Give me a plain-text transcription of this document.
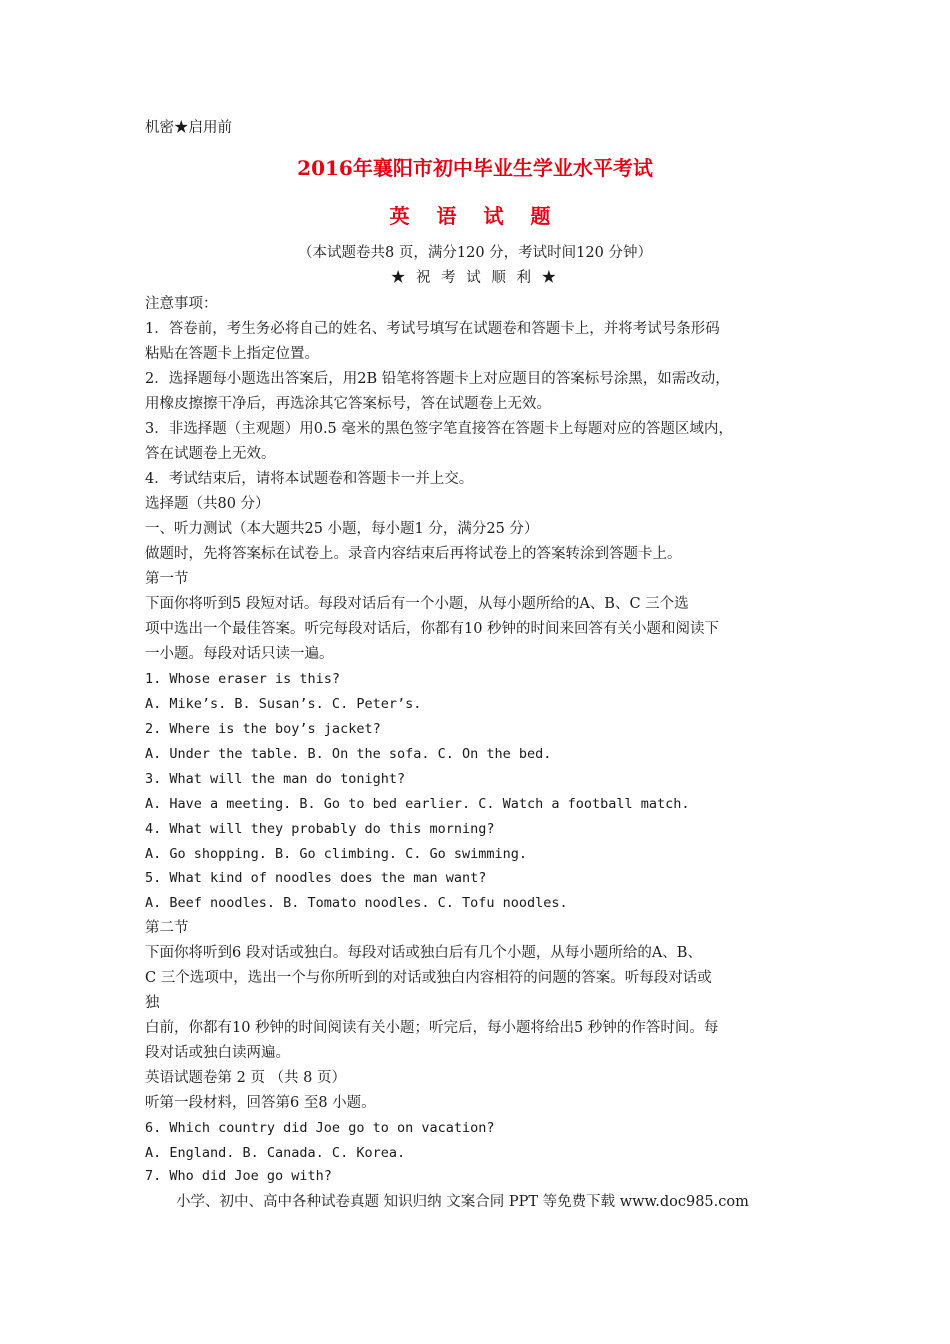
机密★启用前
2016年襄阳市初中毕业生学业水平考试
英 语 试 题
（本试题卷共8 页，满分120 分，考试时间120 分钟）
★ 祝 考 试 顺 利 ★
注意事项：
1．答卷前，考生务必将自己的姓名、考试号填写在试题卷和答题卡上，并将考试号条形码
粘贴在答题卡上指定位置。
2．选择题每小题选出答案后，用2B 铅笔将答题卡上对应题目的答案标号涂黑，如需改动，
用橡皮擦擦干净后，再选涂其它答案标号，答在试题卷上无效。
3．非选择题（主观题）用0.5 毫米的黑色签字笔直接答在答题卡上每题对应的答题区域内，
答在试题卷上无效。
4．考试结束后，请将本试题卷和答题卡一并上交。
选择题（共80 分）
一、听力测试（本大题共25 小题，每小题1 分，满分25 分）
做题时，先将答案标在试卷上。录音内容结束后再将试卷上的答案转涂到答题卡上。
第一节
下面你将听到5 段短对话。每段对话后有一个小题，从每小题所给的A、B、C 三个选
项中选出一个最佳答案。听完每段对话后，你都有10 秒钟的时间来回答有关小题和阅读下
一小题。每段对话只读一遍。
1. Whose eraser is this?
A. Mike’s. B. Susan’s. C. Peter’s.
2. Where is the boy’s jacket?
A. Under the table. B. On the sofa. C. On the bed.
3. What will the man do tonight?
A. Have a meeting. B. Go to bed earlier. C. Watch a football match.
4. What will they probably do this morning?
A. Go shopping. B. Go climbing. C. Go swimming.
5. What kind of noodles does the man want?
A. Beef noodles. B. Tomato noodles. C. Tofu noodles.
第二节
下面你将听到6 段对话或独白。每段对话或独白后有几个小题，从每小题所给的A、B、
C 三个选项中，选出一个与你所听到的对话或独白内容相符的问题的答案。听每段对话或
独
白前，你都有10 秒钟的时间阅读有关小题；听完后，每小题将给出5 秒钟的作答时间。每
段对话或独白读两遍。
英语试题卷第 2 页 （共 8 页）
听第一段材料，回答第6 至8 小题。
6. Which country did Joe go to on vacation?
A. England. B. Canada. C. Korea.
7. Who did Joe go with?
小学、初中、高中各种试卷真题 知识归纳 文案合同 PPT 等免费下载 www.doc985.com
